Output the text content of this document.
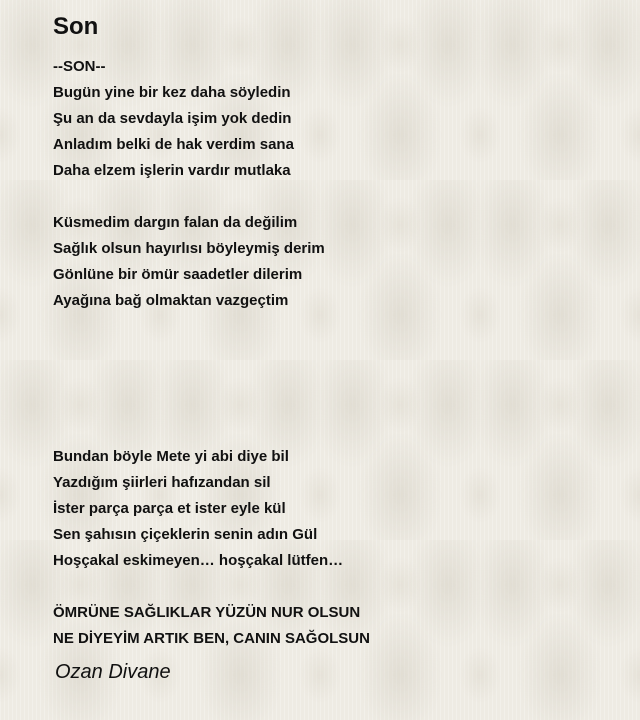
Son
--SON--
Bugün yine bir kez daha söyledin
Şu an da sevdayla işim yok dedin
Anladım belki de hak verdim sana
Daha elzem işlerin vardır mutlaka
Küsmedim dargın falan da değilim
Sağlık olsun hayırlısı böyleymiş derim
Gönlüne bir ömür saadetler dilerim
Ayağına bağ olmaktan vazgeçtim
Bundan böyle Mete yi abi diye bil
Yazdığım şiirleri hafızandan sil
İster parça parça et ister eyle kül
Sen şahısın çiçeklerin senin adın Gül
Hoşçakal eskimeyen… hoşçakal lütfen…
ÖMRÜNE SAĞLIKLAR YÜZÜN NUR OLSUN
NE DİYEYİM ARTIK BEN, CANIN SAĞOLSUN
Ozan Divane
